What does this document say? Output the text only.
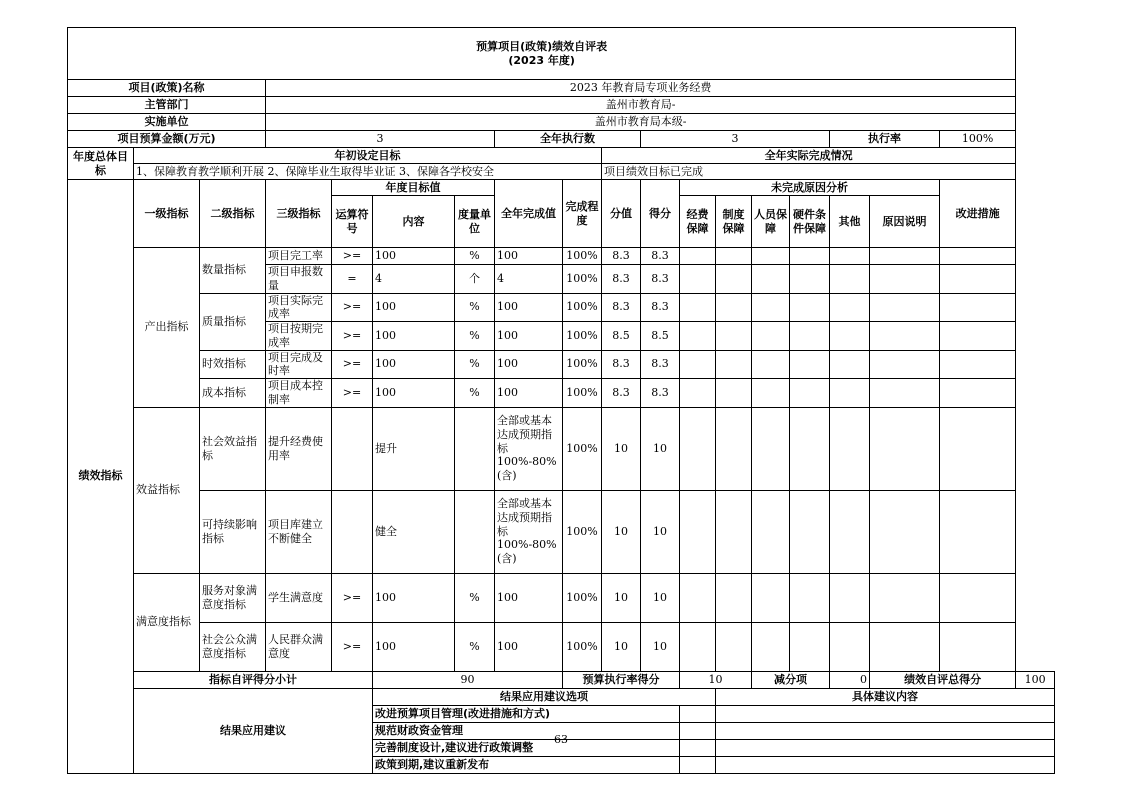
预算项目(政策)绩效自评表
(2023 年度)																		

项目(政策)名称			2023 年教育局专项业务经费															
主管部门			盖州市教育局-															
实施单位			盖州市教育局本级-															
项目预算金额(万元)			3				全年执行数			3					执行率		100%	
年度总体目
标	年初设定目标								全年实际完成情况									
	1、保障教育教学顺利开展 2、保障毕业生取得毕业证 3、保障各学校安全								项目绩效目标已完成									
绩效指标	一级指标	二级指标	三级指标	年度目标值			全年完成值	完成程度	分值	得分	未完成原因分析						改进措施	
				运算符号	内容	度量单位					经费保障	制度保障	人员保障	硬件条件保障	其他	原因说明		
	产出指标	数量指标	项目完工率	>=	100	%	100	100%	8.3	8.3								
			项目申报数量	=	4	个	4	100%	8.3	8.3								
		质量指标	项目实际完成率	>=	100	%	100	100%	8.3	8.3								
			项目按期完成率	>=	100	%	100	100%	8.5	8.5								
		时效指标	项目完成及时率	>=	100	%	100	100%	8.3	8.3								
		成本指标	项目成本控制率	>=	100	%	100	100%	8.3	8.3								
	效益指标	社会效益指标	提升经费使用率		提升		全部或基本达成预期指标100%-80%(含)	100%	10	10								
		可持续影响指标	项目库建立不断健全		健全		全部或基本达成预期指标100%-80%(含)	100%	10	10								
	满意度指标	服务对象满意度指标	学生满意度	>=	100	%	100	100%	10	10								
		社会公众满意度指标	人民群众满意度	>=	100	%	100	100%	10	10								
	指标自评得分小计				90			预算执行率得分			10		减分项		0	绩效自评总得分		100
	结果应用建议				结果应用建议选项							具体建议内容						
					改进预算项目管理(改进措施和方式)													
					规范财政资金管理													
					完善制度设计,建议进行政策调整													
					政策到期,建议重新发布													
63
